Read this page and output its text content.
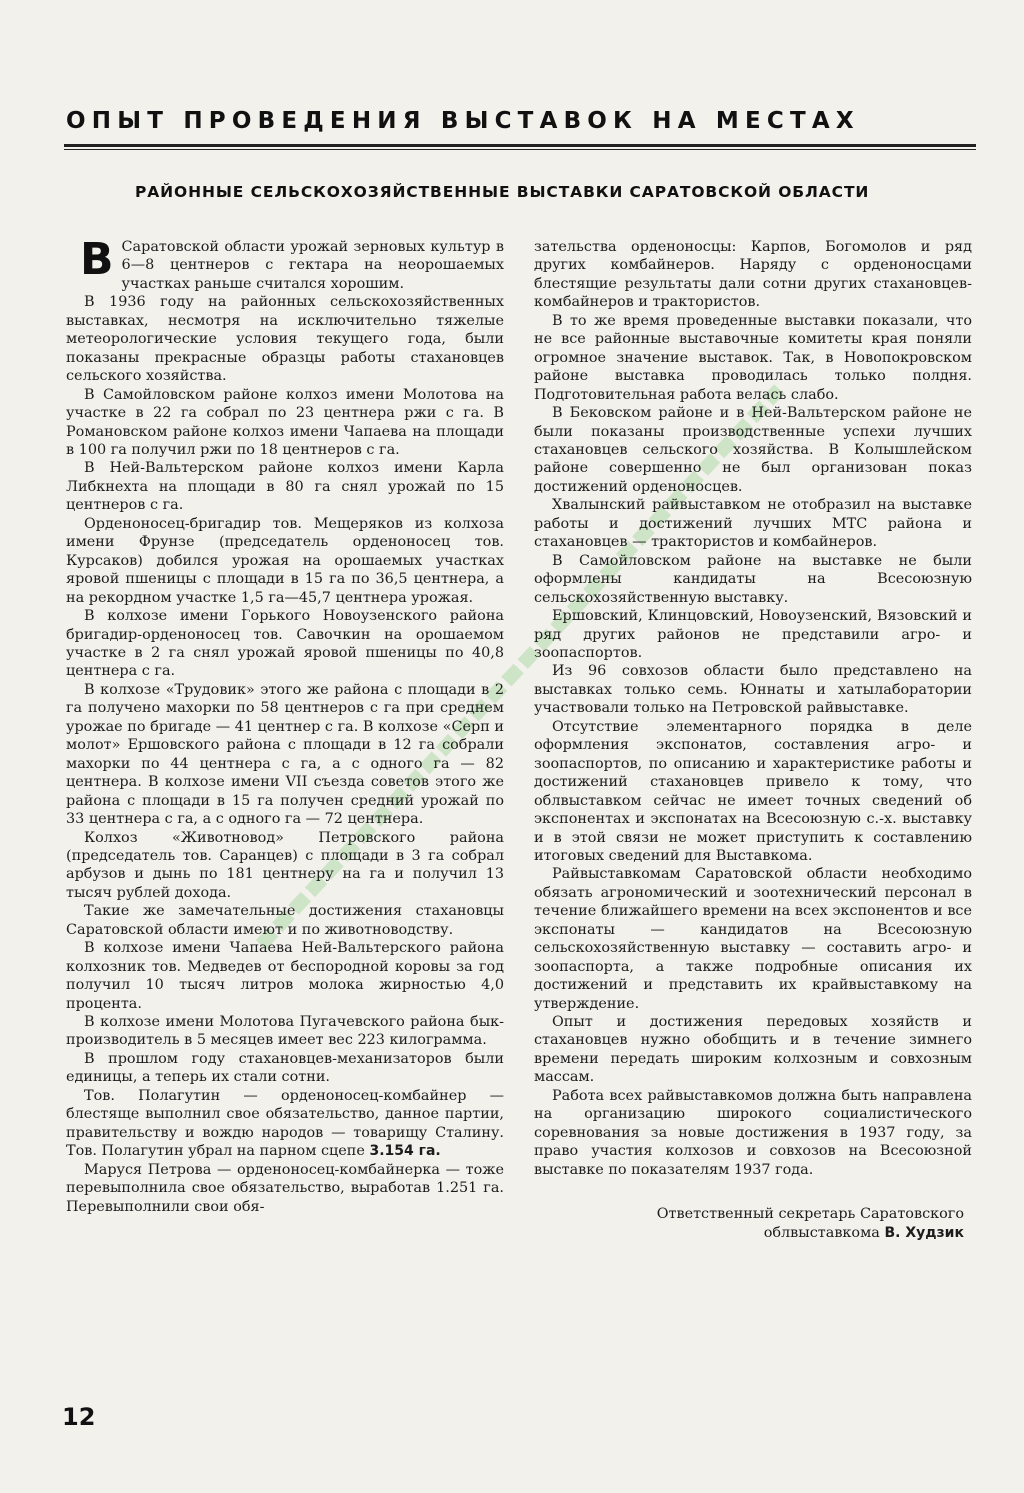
ОПЫТ ПРОВЕДЕНИЯ ВЫСТАВОК НА МЕСТАХ
РАЙОННЫЕ СЕЛЬСКОХОЗЯЙСТВЕННЫЕ ВЫСТАВКИ САРАТОВСКОЙ ОБЛАСТИ

В Саратовской области урожай зерновых культур в 6—8 центнеров с гектара на неорошаемых участках раньше считался хорошим.

В 1936 году на районных сельскохозяйственных выставках, несмотря на исключительно тяжелые метеорологические условия текущего года, были показаны прекрасные образцы работы стахановцев сельского хозяйства.

В Самойловском районе колхоз имени Молотова на участке в 22 га собрал по 23 центнера ржи с га. В Романовском районе колхоз имени Чапаева на площади в 100 га получил ржи по 18 центнеров с га.

В Ней-Вальтерском районе колхоз имени Карла Либкнехта на площади в 80 га снял урожай по 15 центнеров с га.

Орденоносец-бригадир тов. Мещеряков из колхоза имени Фрунзе (председатель орденоносец тов. Курсаков) добился урожая на орошаемых участках яровой пшеницы с площади в 15 га по 36,5 центнера, а на рекордном участке 1,5 га—45,7 центнера урожая.

В колхозе имени Горького Новоузенского района бригадир-орденоносец тов. Савочкин на орошаемом участке в 2 га снял урожай яровой пшеницы по 40,8 центнера с га.

В колхозе «Трудовик» этого же района с площади в 2 га получено махорки по 58 центнеров с га при среднем урожае по бригаде — 41 центнер с га. В колхозе «Серп и молот» Ершовского района с площади в 12 га собрали махорки по 44 центнера с га, а с одного га — 82 центнера. В колхозе имени VII съезда советов этого же района с площади в 15 га получен средний урожай по 33 центнера с га, а с одного га — 72 центнера.

Колхоз «Животновод» Петровского района (председатель тов. Саранцев) с площади в 3 га собрал арбузов и дынь по 181 центнеру на га и получил 13 тысяч рублей дохода.

Такие же замечательные достижения стахановцы Саратовской области имеют и по животноводству.

В колхозе имени Чапаева Ней-Вальтерского района колхозник тов. Медведев от беспородной коровы за год получил 10 тысяч литров молока жирностью 4,0 процента.

В колхозе имени Молотова Пугачевского района бык-производитель в 5 месяцев имеет вес 223 килограмма.

В прошлом году стахановцев-механизаторов были единицы, а теперь их стали сотни.

Тов. Полагутин — орденоносец-комбайнер — блестяще выполнил свое обязательство, данное партии, правительству и вождю народов — товарищу Сталину. Тов. Полагутин убрал на парном сцепе 3.154 га.

Маруся Петрова — орденоносец-комбайнерка — тоже перевыполнила свое обязательство, выработав 1.251 га. Перевыполнили свои обя-

зательства орденоносцы: Карпов, Богомолов и ряд других комбайнеров. Наряду с орденоносцами блестящие результаты дали сотни других стахановцев-комбайнеров и трактористов.

В то же время проведенные выставки показали, что не все районные выставочные комитеты края поняли огромное значение выставок. Так, в Новопокровском районе выставка проводилась только полдня. Подготовительная работа велась слабо.

В Бековском районе и в Ней-Вальтерском районе не были показаны производственные успехи лучших стахановцев сельского хозяйства. В Колышлейском районе совершенно не был организован показ достижений орденоносцев.

Хвалынский райвыставком не отобразил на выставке работы и достижений лучших МТС района и стахановцев — трактористов и комбайнеров.

В Самойловском районе на выставке не были оформлены кандидаты на Всесоюзную сельскохозяйственную выставку.

Ершовский, Клинцовский, Новоузенский, Вязовский и ряд других районов не представили агро- и зоопаспортов.

Из 96 совхозов области было представлено на выставках только семь. Юннаты и хатылаборатории участвовали только на Петровской райвыставке.

Отсутствие элементарного порядка в деле оформления экспонатов, составления агро- и зоопаспортов, по описанию и характеристике работы и достижений стахановцев привело к тому, что облвыставком сейчас не имеет точных сведений об экспонентах и экспонатах на Всесоюзную с.-х. выставку и в этой связи не может приступить к составлению итоговых сведений для Выставкома.

Райвыставкомам Саратовской области необходимо обязать агрономический и зоотехнический персонал в течение ближайшего времени на всех экспонентов и все экспонаты — кандидатов на Всесоюзную сельскохозяйственную выставку — составить агро- и зоопаспорта, а также подробные описания их достижений и представить их крайвыставкому на утверждение.

Опыт и достижения передовых хозяйств и стахановцев нужно обобщить и в течение зимнего времени передать широким колхозным и совхозным массам.

Работа всех райвыставкомов должна быть направлена на организацию широкого социалистического соревнования за новые достижения в 1937 году, за право участия колхозов и совхозов на Всесоюзной выставке по показателям 1937 года.

Ответственный секретарь Саратовского
облвыставкома В. Худзик
12
